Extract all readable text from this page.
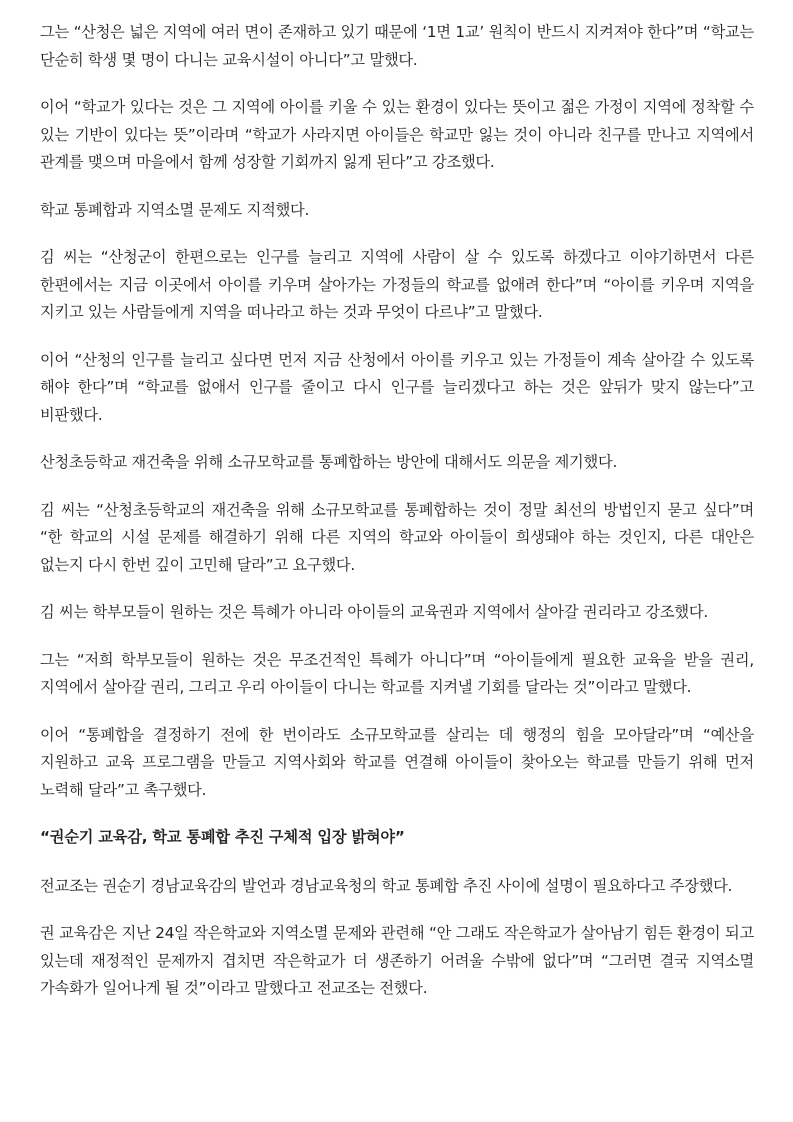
그는 “산청은 넓은 지역에 여러 면이 존재하고 있기 때문에 ‘1면 1교’ 원칙이 반드시 지켜져야 한다”며 “학교는 단순히 학생 몇 명이 다니는 교육시설이 아니다”고 말했다.

이어 “학교가 있다는 것은 그 지역에 아이를 키울 수 있는 환경이 있다는 뜻이고 젊은 가정이 지역에 정착할 수 있는 기반이 있다는 뜻”이라며 “학교가 사라지면 아이들은 학교만 잃는 것이 아니라 친구를 만나고 지역에서 관계를 맺으며 마을에서 함께 성장할 기회까지 잃게 된다”고 강조했다.

학교 통폐합과 지역소멸 문제도 지적했다.

김 씨는 “산청군이 한편으로는 인구를 늘리고 지역에 사람이 살 수 있도록 하겠다고 이야기하면서 다른 한편에서는 지금 이곳에서 아이를 키우며 살아가는 가정들의 학교를 없애려 한다”며 “아이를 키우며 지역을 지키고 있는 사람들에게 지역을 떠나라고 하는 것과 무엇이 다르냐”고 말했다.

이어 “산청의 인구를 늘리고 싶다면 먼저 지금 산청에서 아이를 키우고 있는 가정들이 계속 살아갈 수 있도록 해야 한다”며 “학교를 없애서 인구를 줄이고 다시 인구를 늘리겠다고 하는 것은 앞뒤가 맞지 않는다”고 비판했다.

산청초등학교 재건축을 위해 소규모학교를 통폐합하는 방안에 대해서도 의문을 제기했다.

김 씨는 “산청초등학교의 재건축을 위해 소규모학교를 통폐합하는 것이 정말 최선의 방법인지 묻고 싶다”며 “한 학교의 시설 문제를 해결하기 위해 다른 지역의 학교와 아이들이 희생돼야 하는 것인지, 다른 대안은 없는지 다시 한번 깊이 고민해 달라”고 요구했다.

김 씨는 학부모들이 원하는 것은 특혜가 아니라 아이들의 교육권과 지역에서 살아갈 권리라고 강조했다.

그는 “저희 학부모들이 원하는 것은 무조건적인 특혜가 아니다”며 “아이들에게 필요한 교육을 받을 권리, 지역에서 살아갈 권리, 그리고 우리 아이들이 다니는 학교를 지켜낼 기회를 달라는 것”이라고 말했다.

이어 “통폐합을 결정하기 전에 한 번이라도 소규모학교를 살리는 데 행정의 힘을 모아달라”며 “예산을 지원하고 교육 프로그램을 만들고 지역사회와 학교를 연결해 아이들이 찾아오는 학교를 만들기 위해 먼저 노력해 달라”고 촉구했다.

“권순기 교육감, 학교 통폐합 추진 구체적 입장 밝혀야”

전교조는 권순기 경남교육감의 발언과 경남교육청의 학교 통폐합 추진 사이에 설명이 필요하다고 주장했다.

권 교육감은 지난 24일 작은학교와 지역소멸 문제와 관련해 “안 그래도 작은학교가 살아남기 힘든 환경이 되고 있는데 재정적인 문제까지 겹치면 작은학교가 더 생존하기 어려울 수밖에 없다”며 “그러면 결국 지역소멸 가속화가 일어나게 될 것”이라고 말했다고 전교조는 전했다.
